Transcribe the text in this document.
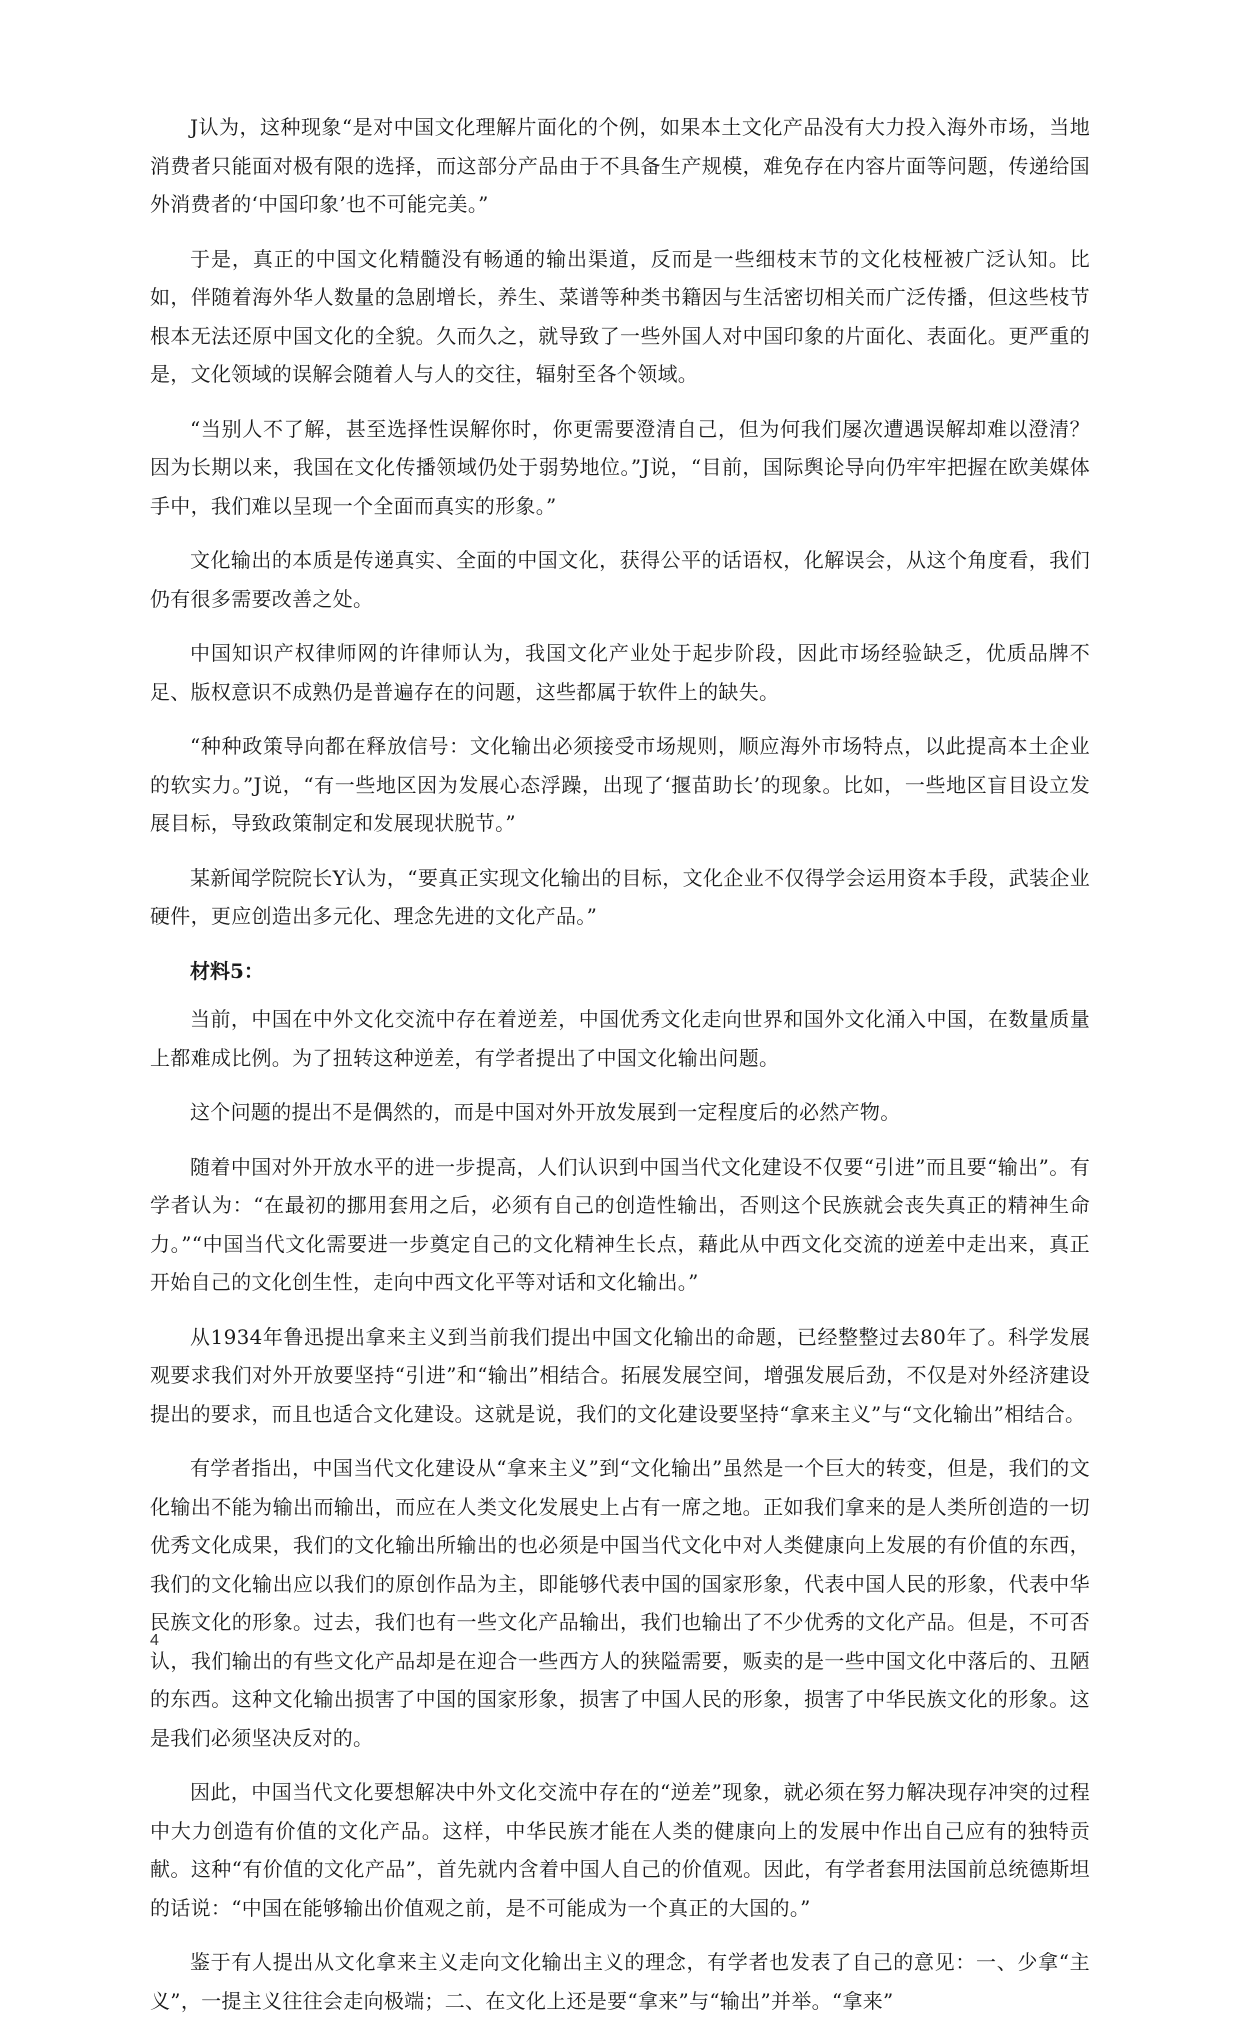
J认为，这种现象“是对中国文化理解片面化的个例，如果本土文化产品没有大力投入海外市场，当地消费者只能面对极有限的选择，而这部分产品由于不具备生产规模，难免存在内容片面等问题，传递给国外消费者的‘中国印象’也不可能完美。”

于是，真正的中国文化精髓没有畅通的输出渠道，反而是一些细枝末节的文化枝桠被广泛认知。比如，伴随着海外华人数量的急剧增长，养生、菜谱等种类书籍因与生活密切相关而广泛传播，但这些枝节根本无法还原中国文化的全貌。久而久之，就导致了一些外国人对中国印象的片面化、表面化。更严重的是，文化领域的误解会随着人与人的交往，辐射至各个领域。

“当别人不了解，甚至选择性误解你时，你更需要澄清自己，但为何我们屡次遭遇误解却难以澄清？因为长期以来，我国在文化传播领域仍处于弱势地位。”J说，“目前，国际舆论导向仍牢牢把握在欧美媒体手中，我们难以呈现一个全面而真实的形象。”

文化输出的本质是传递真实、全面的中国文化，获得公平的话语权，化解误会，从这个角度看，我们仍有很多需要改善之处。

中国知识产权律师网的许律师认为，我国文化产业处于起步阶段，因此市场经验缺乏，优质品牌不足、版权意识不成熟仍是普遍存在的问题，这些都属于软件上的缺失。

“种种政策导向都在释放信号：文化输出必须接受市场规则，顺应海外市场特点，以此提高本土企业的软实力。”J说，“有一些地区因为发展心态浮躁，出现了‘揠苗助长’的现象。比如，一些地区盲目设立发展目标，导致政策制定和发展现状脱节。”

某新闻学院院长Y认为，“要真正实现文化输出的目标，文化企业不仅得学会运用资本手段，武装企业硬件，更应创造出多元化、理念先进的文化产品。”

材料5：

当前，中国在中外文化交流中存在着逆差，中国优秀文化走向世界和国外文化涌入中国，在数量质量上都难成比例。为了扭转这种逆差，有学者提出了中国文化输出问题。

这个问题的提出不是偶然的，而是中国对外开放发展到一定程度后的必然产物。

随着中国对外开放水平的进一步提高，人们认识到中国当代文化建设不仅要“引进”而且要“输出”。有学者认为：“在最初的挪用套用之后，必须有自己的创造性输出，否则这个民族就会丧失真正的精神生命力。”“中国当代文化需要进一步奠定自己的文化精神生长点，藉此从中西文化交流的逆差中走出来，真正开始自己的文化创生性，走向中西文化平等对话和文化输出。”

从1934年鲁迅提出拿来主义到当前我们提出中国文化输出的命题，已经整整过去80年了。科学发展观要求我们对外开放要坚持“引进”和“输出”相结合。拓展发展空间，增强发展后劲，不仅是对外经济建设提出的要求，而且也适合文化建设。这就是说，我们的文化建设要坚持“拿来主义”与“文化输出”相结合。

有学者指出，中国当代文化建设从“拿来主义”到“文化输出”虽然是一个巨大的转变，但是，我们的文化输出不能为输出而输出，而应在人类文化发展史上占有一席之地。正如我们拿来的是人类所创造的一切优秀文化成果，我们的文化输出所输出的也必须是中国当代文化中对人类健康向上发展的有价值的东西，我们的文化输出应以我们的原创作品为主，即能够代表中国的国家形象，代表中国人民的形象，代表中华民族文化的形象。过去，我们也有一些文化产品输出，我们也输出了不少优秀的文化产品。但是，不可否认，我们输出的有些文化产品却是在迎合一些西方人的狭隘需要，贩卖的是一些中国文化中落后的、丑陋的东西。这种文化输出损害了中国的国家形象，损害了中国人民的形象，损害了中华民族文化的形象。这是我们必须坚决反对的。

因此，中国当代文化要想解决中外文化交流中存在的“逆差”现象，就必须在努力解决现存冲突的过程中大力创造有价值的文化产品。这样，中华民族才能在人类的健康向上的发展中作出自己应有的独特贡献。这种“有价值的文化产品”，首先就内含着中国人自己的价值观。因此，有学者套用法国前总统德斯坦的话说：“中国在能够输出价值观之前，是不可能成为一个真正的大国的。”

鉴于有人提出从文化拿来主义走向文化输出主义的理念，有学者也发表了自己的意见：一、少拿“主义”，一提主义往往会走向极端；二、在文化上还是要“拿来”与“输出”并举。“拿来”

4
